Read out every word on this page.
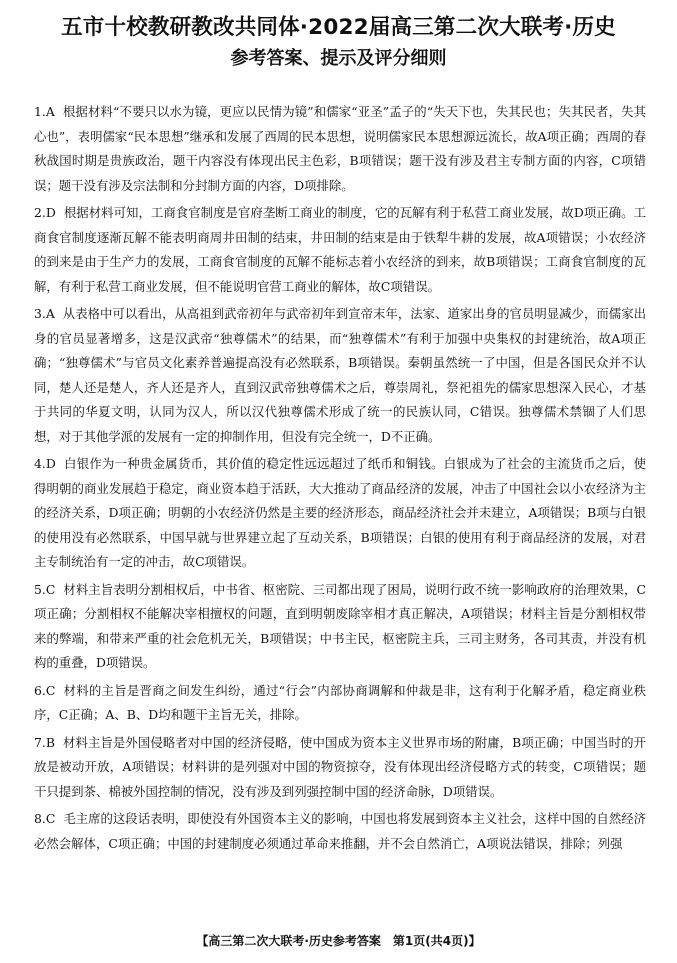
五市十校教研教改共同体·2022届高三第二次大联考·历史
参考答案、提示及评分细则

1.A 根据材料“不要只以水为镜，更应以民情为镜”和儒家“亚圣”孟子的“失天下也，失其民也；失其民者，失其心也”，表明儒家“民本思想”继承和发展了西周的民本思想，说明儒家民本思想源远流长，故A项正确；西周的春秋战国时期是贵族政治，题干内容没有体现出民主色彩，B项错误；题干没有涉及君主专制方面的内容，C项错误；题干没有涉及宗法制和分封制方面的内容，D项排除。

2.D 根据材料可知，工商食官制度是官府垄断工商业的制度，它的瓦解有利于私营工商业发展，故D项正确。工商食官制度逐渐瓦解不能表明商周井田制的结束，井田制的结束是由于铁犁牛耕的发展，故A项错误；小农经济的到来是由于生产力的发展，工商食官制度的瓦解不能标志着小农经济的到来，故B项错误；工商食官制度的瓦解，有利于私营工商业发展，但不能说明官营工商业的解体，故C项错误。

3.A 从表格中可以看出，从高祖到武帝初年与武帝初年到宣帝末年，法家、道家出身的官员明显减少，而儒家出身的官员显著增多，这是汉武帝“独尊儒术”的结果，而“独尊儒术”有利于加强中央集权的封建统治，故A项正确；“独尊儒术”与官员文化素养普遍提高没有必然联系，B项错误。秦朝虽然统一了中国，但是各国民众并不认同，楚人还是楚人，齐人还是齐人，直到汉武帝独尊儒术之后，尊崇周礼，祭祀祖先的儒家思想深入民心，才基于共同的华夏文明，认同为汉人，所以汉代独尊儒术形成了统一的民族认同，C错误。独尊儒术禁锢了人们思想，对于其他学派的发展有一定的抑制作用，但没有完全统一，D不正确。

4.D 白银作为一种贵金属货币，其价值的稳定性远远超过了纸币和铜钱。白银成为了社会的主流货币之后，使得明朝的商业发展趋于稳定，商业资本趋于活跃，大大推动了商品经济的发展，冲击了中国社会以小农经济为主的经济关系，D项正确；明朝的小农经济仍然是主要的经济形态，商品经济社会并未建立，A项错误；B项与白银的使用没有必然联系，中国早就与世界建立起了互动关系，B项错误；白银的使用有利于商品经济的发展，对君主专制统治有一定的冲击，故C项错误。

5.C 材料主旨表明分割相权后，中书省、枢密院、三司都出现了困局，说明行政不统一影响政府的治理效果，C项正确；分割相权不能解决宰相擅权的问题，直到明朝废除宰相才真正解决，A项错误；材料主旨是分割相权带来的弊端，和带来严重的社会危机无关，B项错误；中书主民，枢密院主兵，三司主财务，各司其责，并没有机构的重叠，D项错误。

6.C 材料的主旨是晋商之间发生纠纷，通过“行会”内部协商调解和仲裁是非，这有利于化解矛盾，稳定商业秩序，C正确；A、B、D均和题干主旨无关，排除。

7.B 材料主旨是外国侵略者对中国的经济侵略，使中国成为资本主义世界市场的附庸，B项正确；中国当时的开放是被动开放，A项错误；材料讲的是列强对中国的物资掠夺，没有体现出经济侵略方式的转变，C项错误；题干只提到茶、棉被外国控制的情况，没有涉及到列强控制中国的经济命脉，D项错误。

8.C 毛主席的这段话表明，即使没有外国资本主义的影响，中国也将发展到资本主义社会，这样中国的自然经济必然会解体，C项正确；中国的封建制度必须通过革命来推翻，并不会自然消亡，A项说法错误，排除；列强

【高三第二次大联考·历史参考答案　第1页(共4页)】
